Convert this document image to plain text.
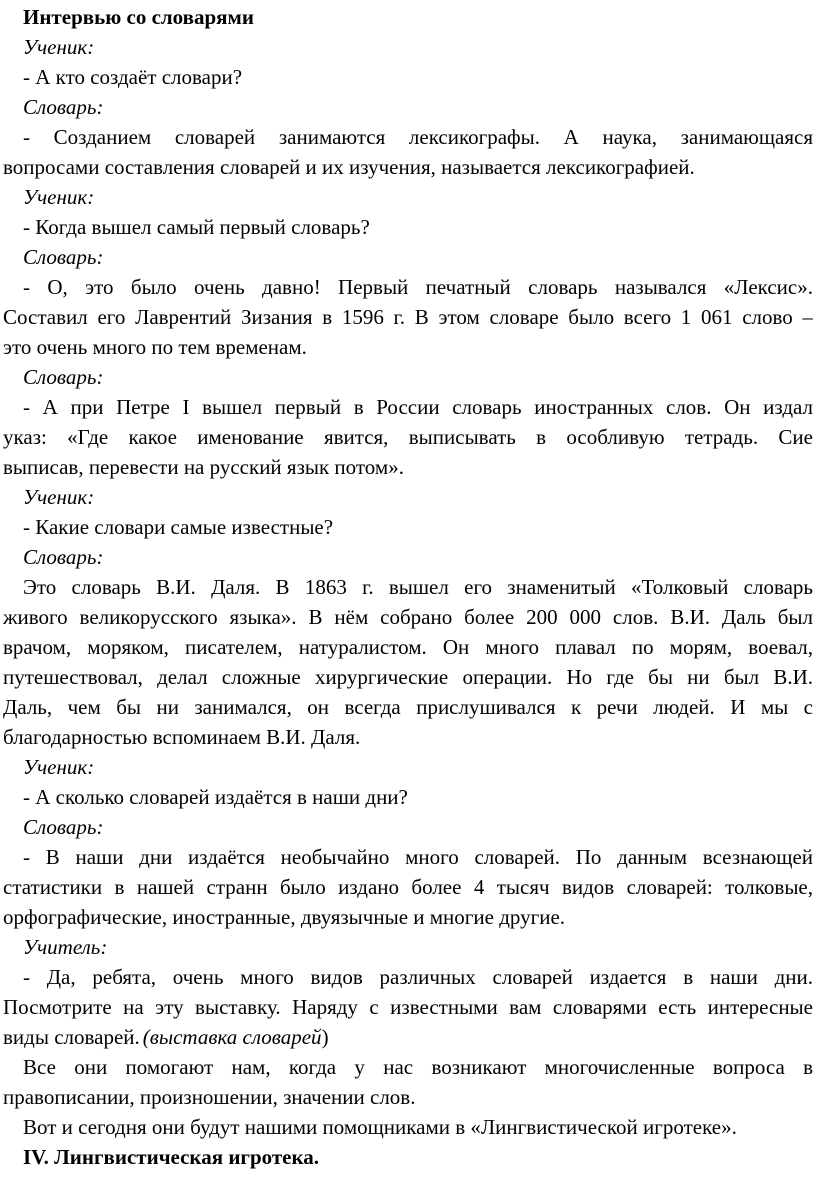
Интервью со словарями
Ученик:
- А кто создаёт словари?
Словарь:
- Созданием словарей занимаются лексикографы. А наука, занимающаяся
вопросами составления словарей и их изучения, называется лексикографией.
Ученик:
- Когда вышел самый первый словарь?
Словарь:
- О, это было очень давно! Первый печатный словарь назывался «Лексис».
Составил его Лаврентий Зизания в 1596 г. В этом словаре было всего 1 061 слово –
это очень много по тем временам.
Словарь:
- А при Петре I вышел первый в России словарь иностранных слов. Он издал
указ: «Где какое именование явится, выписывать в особливую тетрадь. Сие
выписав, перевести на русский язык потом».
Ученик:
- Какие словари самые известные?
Словарь:
Это словарь В.И. Даля. В 1863 г. вышел его знаменитый «Толковый словарь
живого великорусского языка». В нём собрано более 200 000 слов. В.И. Даль был
врачом, моряком, писателем, натуралистом. Он много плавал по морям, воевал,
путешествовал, делал сложные хирургические операции. Но где бы ни был В.И.
Даль, чем бы ни занимался, он всегда прислушивался к речи людей. И мы с
благодарностью вспоминаем В.И. Даля.
Ученик:
- А сколько словарей издаётся в наши дни?
Словарь:
- В наши дни издаётся необычайно много словарей. По данным всезнающей
статистики в нашей странн было издано более 4 тысяч видов словарей: толковые,
орфографические, иностранные, двуязычные и многие другие.
Учитель:
- Да, ребята, очень много видов различных словарей издается в наши дни.
Посмотрите на эту выставку. Наряду с известными вам словарями есть интересные
виды словарей. (выставка словарей)
Все они помогают нам, когда у нас возникают многочисленные вопроса в
правописании, произношении, значении слов.
Вот и сегодня они будут нашими помощниками в «Лингвистической игротеке».
IV. Лингвистическая игротека.
